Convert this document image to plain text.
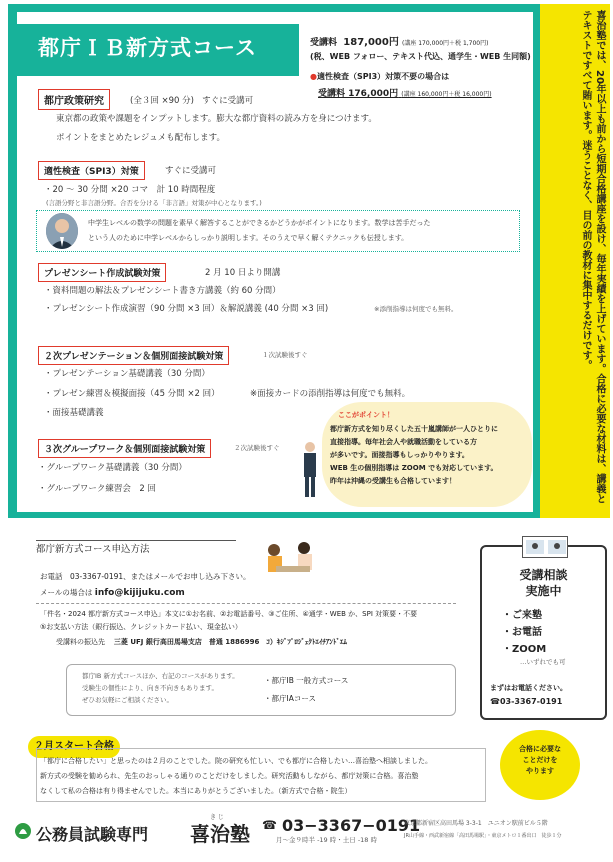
都庁ＩＢ新方式コース	喜治塾では、20年以上も前から短期合格講座を設け、毎年実績を上げています。合格に必要な材料は、講義とテキストですべて賄います。迷うことなく、目の前の教材に集中するだけです。
受講料 187,000円 (講座 170,000円＋税 1,700円)
(税、WEB フォロー、テキスト代込、通学生・WEB 生同額)
●適性検査（SPI3）対策不要の場合は
受講料 176,000円 (講座 160,000円＋税 16,000円)
都庁政策研究	(全３回 ×90 分) すぐに受講可
東京都の政策や課題をインプットします。膨大な都庁資料の読み方を身につけます。
ポイントをまとめたレジュメも配布します。
適性検査（SPI3）対策	すぐに受講可
・20 〜 30 分間 ×20 コマ　計 10 時間程度
(言語分野と非言語分野。合否を分ける「非言語」対策が中心となります。)
中学生レベルの数学の問題を素早く解答することができるかどうかがポイントになります。数学は苦手だった
という人のために中学レベルからしっかり説明します。そのうえで早く解くテクニックも伝授します。
プレゼンシート作成試験対策	2 月 10 日より開講
・資料問題の解法＆プレゼンシート書き方講義（約 60 分間）
・プレゼンシート作成演習（90 分間 ×3 回）＆解説講義 (40 分間 ×3 回)	※添削指導は何度でも無料。
２次プレゼンテーション＆個別面接試験対策	１次試験後すぐ
・プレゼンテーション基礎講義（30 分間）
・プレゼン練習＆模擬面接（45 分間 ×2 回）	※面接カードの添削指導は何度でも無料。
・面接基礎講義
３次グループワーク＆個別面接試験対策	２次試験後すぐ
・グループワーク基礎講義（30 分間）
・グループワーク練習会　2 回
ここがポイント！
都庁新方式を知り尽くした五十嵐講師が一人ひとりに
直接指導。毎年社会人や就職活動をしている方
が多いです。面接指導もしっかりやります。
WEB 生の個別指導は ZOOM でも対応しています。
昨年は沖縄の受講生も合格しています！
都庁新方式コース申込方法
お電話　03-3367-0191、またはメールでお申し込み下さい。
メールの場合は info@kijijuku.com
「件名・2024 都庁新方式コース申込」本文に①お名前、②お電話番号、③ご住所、④通学・WEB か、SPI 対策要・不要
⑤お支払い方法（銀行振込、クレジットカード払い、現金払い）
受講料の振込先 三菱 UFJ 銀行高田馬場支店　普通 1886996　ｺ）ｷｼﾞﾌﾟﾛｼﾞｪｸﾄｴｲﾁｱﾝﾄﾞｴﾑ
都庁ⅠB 新方式コースほか、右記のコースがあります。
受験生の個性により、向き不向きもあります。
ぜひお気軽にご相談ください。
・都庁ⅠB 一般方式コース
・都庁ⅠAコース
受講相談
実施中
・ご来塾
・お電話
・ZOOM
…いずれでも可
まずはお電話ください。
☎03-3367-0191
２月スタート合格	合格に必要な
ことだけを
やります
「都庁に合格したい」と思ったのは２月のことでした。院の研究も忙しい、でも都庁に合格したい…喜治塾へ相談しました。
新方式の受験を勧められ、先生のおっしゃる通りのことだけをしました。研究活動もしながら、都庁対策に合格。喜治塾
なくして私の合格は有り得ませんでした。本当にありがとうございました。（新方式で合格・院生）
公務員試験専門
き じ
喜治塾 ☎ 03−3367−0191
月〜金９時半 -19 時・土日 -18 時
東京都新宿区高田馬場 3-3-1　ユニオン駅前ビル５階
JR山手線・西武新宿線「高田馬場駅」・東京メトロ１番出口　徒歩１分
